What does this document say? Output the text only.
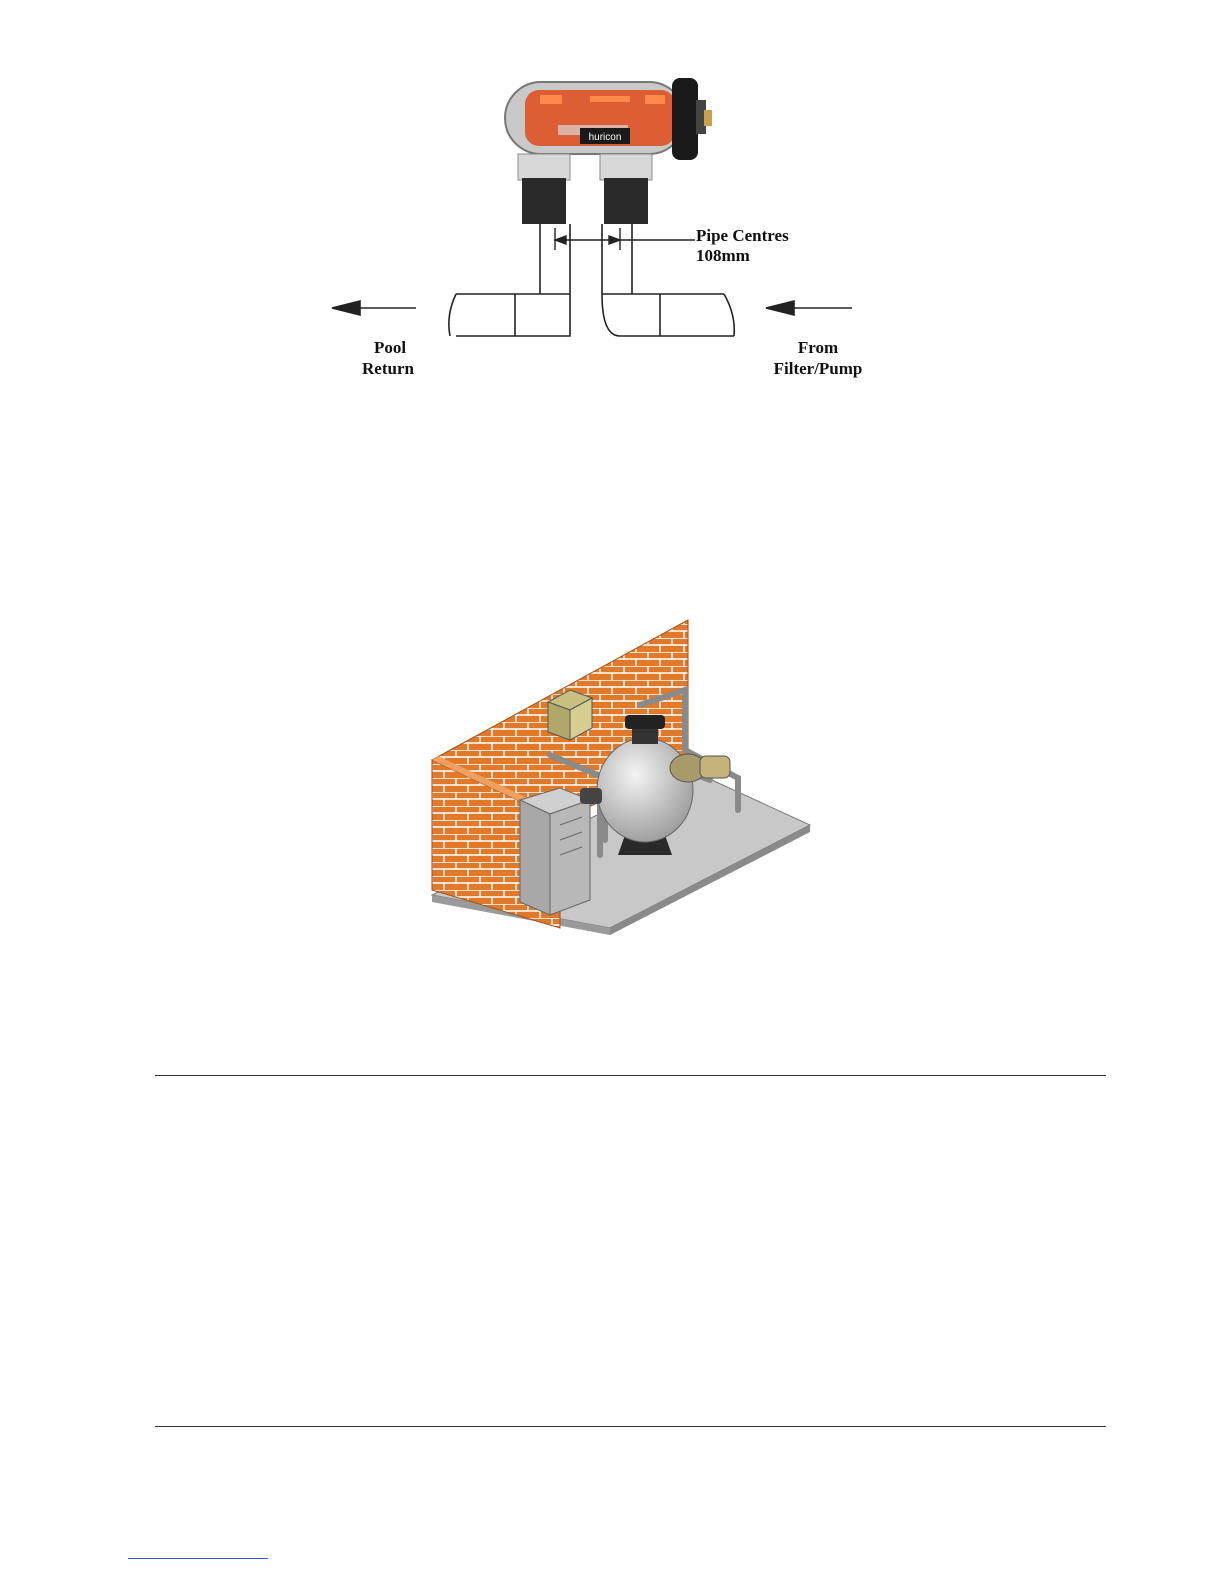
huricon
Pipe Centres
108mm
Pool
Return
From
Filter/Pump
